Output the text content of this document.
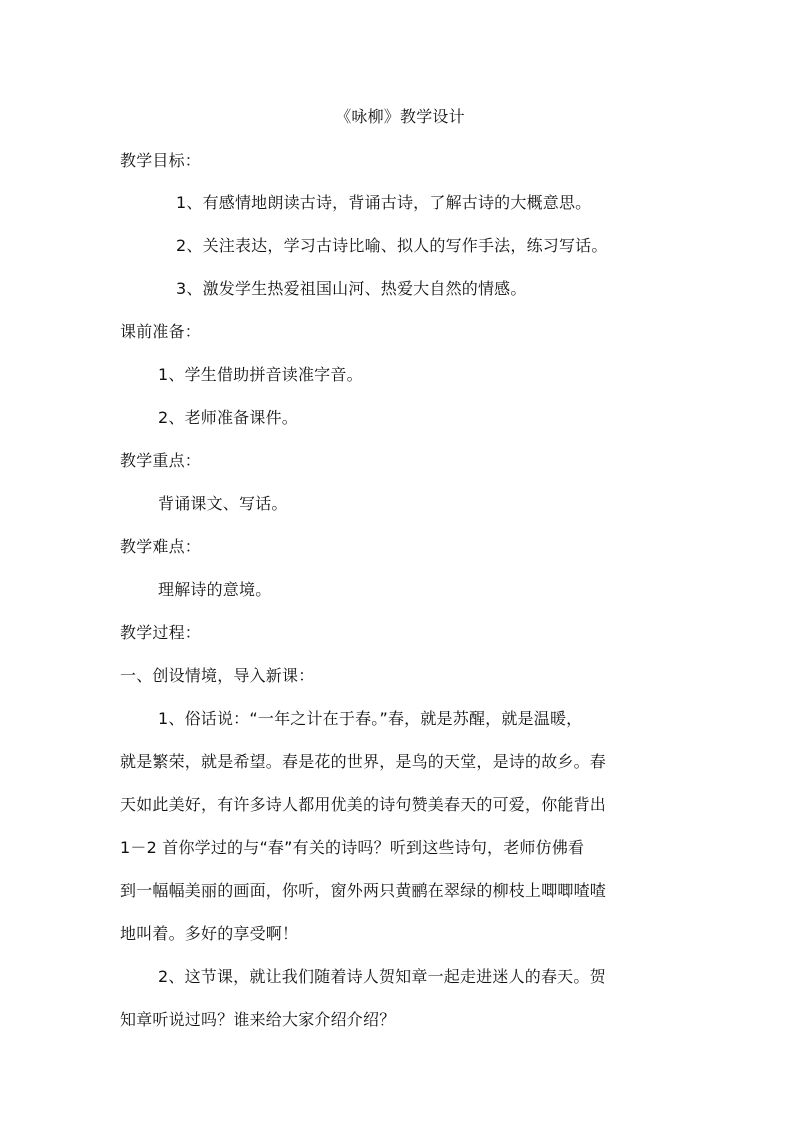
《咏柳》教学设计
教学目标：
1、有感情地朗读古诗，背诵古诗，了解古诗的大概意思。
2、关注表达，学习古诗比喻、拟人的写作手法，练习写话。
3、激发学生热爱祖国山河、热爱大自然的情感。
课前准备：
1、学生借助拼音读准字音。
2、老师准备课件。
教学重点：
背诵课文、写话。
教学难点：
理解诗的意境。
教学过程：
一、创设情境，导入新课：
1、俗话说：“一年之计在于春。”春，就是苏醒，就是温暖，
就是繁荣，就是希望。春是花的世界，是鸟的天堂，是诗的故乡。春
天如此美好，有许多诗人都用优美的诗句赞美春天的可爱，你能背出
1－2 首你学过的与“春”有关的诗吗？听到这些诗句，老师仿佛看
到一幅幅美丽的画面，你听，窗外两只黄鹂在翠绿的柳枝上唧唧喳喳
地叫着。多好的享受啊！
2、这节课，就让我们随着诗人贺知章一起走进迷人的春天。贺
知章听说过吗？谁来给大家介绍介绍？
